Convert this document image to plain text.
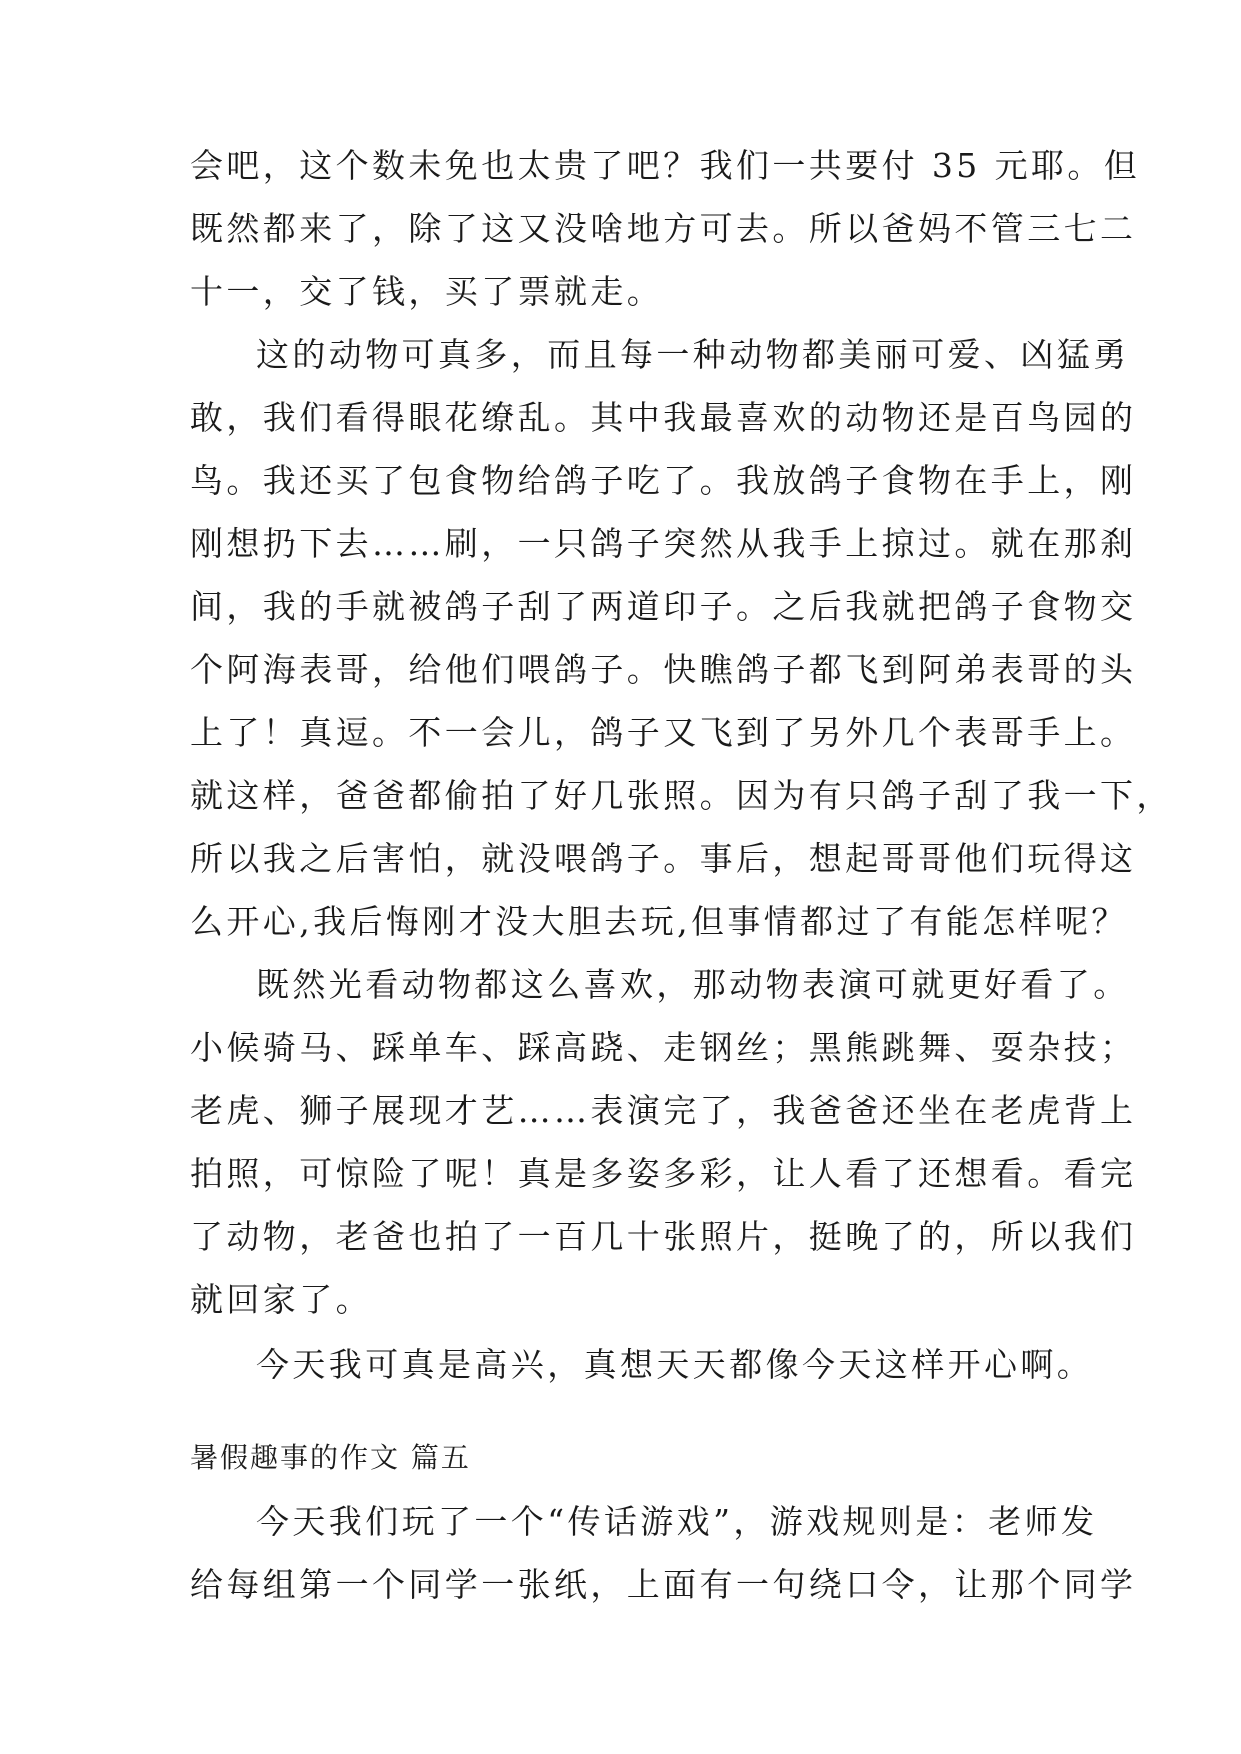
会吧，这个数未免也太贵了吧？我们一共要付 35 元耶。但
既然都来了，除了这又没啥地方可去。所以爸妈不管三七二
十一，交了钱，买了票就走。
这的动物可真多，而且每一种动物都美丽可爱、凶猛勇
敢，我们看得眼花缭乱。其中我最喜欢的动物还是百鸟园的
鸟。我还买了包食物给鸽子吃了。我放鸽子食物在手上，刚
刚想扔下去……刷，一只鸽子突然从我手上掠过。就在那刹
间，我的手就被鸽子刮了两道印子。之后我就把鸽子食物交
个阿海表哥，给他们喂鸽子。快瞧鸽子都飞到阿弟表哥的头
上了！真逗。不一会儿，鸽子又飞到了另外几个表哥手上。
就这样，爸爸都偷拍了好几张照。因为有只鸽子刮了我一下，
所以我之后害怕，就没喂鸽子。事后，想起哥哥他们玩得这
么开心,我后悔刚才没大胆去玩,但事情都过了有能怎样呢？
既然光看动物都这么喜欢，那动物表演可就更好看了。
小候骑马、踩单车、踩高跷、走钢丝；黑熊跳舞、耍杂技；
老虎、狮子展现才艺……表演完了，我爸爸还坐在老虎背上
拍照，可惊险了呢！真是多姿多彩，让人看了还想看。看完
了动物，老爸也拍了一百几十张照片，挺晚了的，所以我们
就回家了。
今天我可真是高兴，真想天天都像今天这样开心啊。
暑假趣事的作文 篇五
今天我们玩了一个“传话游戏”，游戏规则是：老师发
给每组第一个同学一张纸，上面有一句绕口令，让那个同学
